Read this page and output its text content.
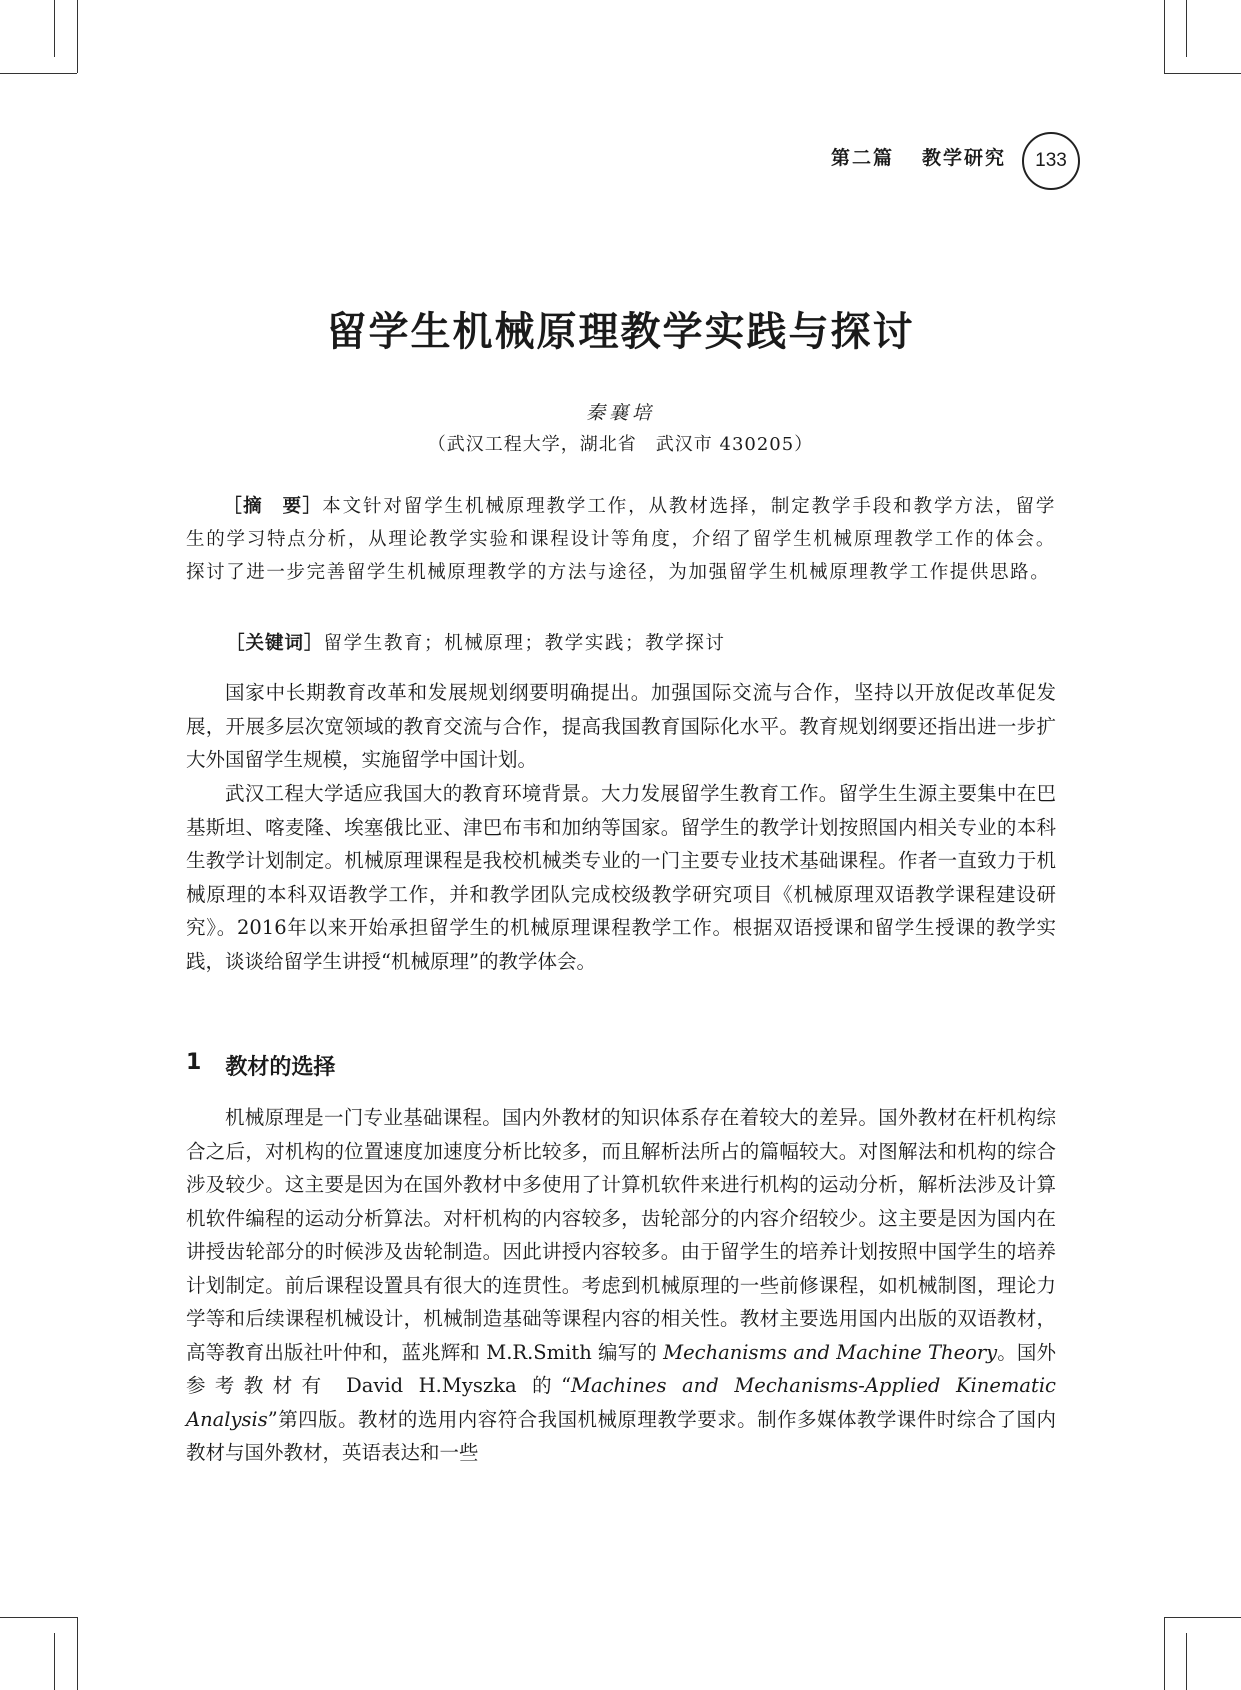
第二篇 教学研究	133
留学生机械原理教学实践与探讨
秦襄培
（武汉工程大学，湖北省　武汉市 430205）

［摘　要］本文针对留学生机械原理教学工作，从教材选择，制定教学手段和教学方法，留学生的学习特点分析，从理论教学实验和课程设计等角度，介绍了留学生机械原理教学工作的体会。探讨了进一步完善留学生机械原理教学的方法与途径，为加强留学生机械原理教学工作提供思路。

［关键词］留学生教育；机械原理；教学实践；教学探讨

国家中长期教育改革和发展规划纲要明确提出。加强国际交流与合作，坚持以开放促改革促发展，开展多层次宽领域的教育交流与合作，提高我国教育国际化水平。教育规划纲要还指出进一步扩大外国留学生规模，实施留学中国计划。

武汉工程大学适应我国大的教育环境背景。大力发展留学生教育工作。留学生生源主要集中在巴基斯坦、喀麦隆、埃塞俄比亚、津巴布韦和加纳等国家。留学生的教学计划按照国内相关专业的本科生教学计划制定。机械原理课程是我校机械类专业的一门主要专业技术基础课程。作者一直致力于机械原理的本科双语教学工作，并和教学团队完成校级教学研究项目《机械原理双语教学课程建设研究》。2016年以来开始承担留学生的机械原理课程教学工作。根据双语授课和留学生授课的教学实践，谈谈给留学生讲授“机械原理”的教学体会。

1 教材的选择

机械原理是一门专业基础课程。国内外教材的知识体系存在着较大的差异。国外教材在杆机构综合之后，对机构的位置速度加速度分析比较多，而且解析法所占的篇幅较大。对图解法和机构的综合涉及较少。这主要是因为在国外教材中多使用了计算机软件来进行机构的运动分析，解析法涉及计算机软件编程的运动分析算法。对杆机构的内容较多，齿轮部分的内容介绍较少。这主要是因为国内在讲授齿轮部分的时候涉及齿轮制造。因此讲授内容较多。由于留学生的培养计划按照中国学生的培养计划制定。前后课程设置具有很大的连贯性。考虑到机械原理的一些前修课程，如机械制图，理论力学等和后续课程机械设计，机械制造基础等课程内容的相关性。教材主要选用国内出版的双语教材，高等教育出版社叶仲和，蓝兆辉和 M.R.Smith 编写的 Mechanisms and Machine Theory。国外参考教材有 David H.Myszka 的“Machines and Mechanisms-Applied Kinematic Analysis”第四版。教材的选用内容符合我国机械原理教学要求。制作多媒体教学课件时综合了国内教材与国外教材，英语表达和一些
